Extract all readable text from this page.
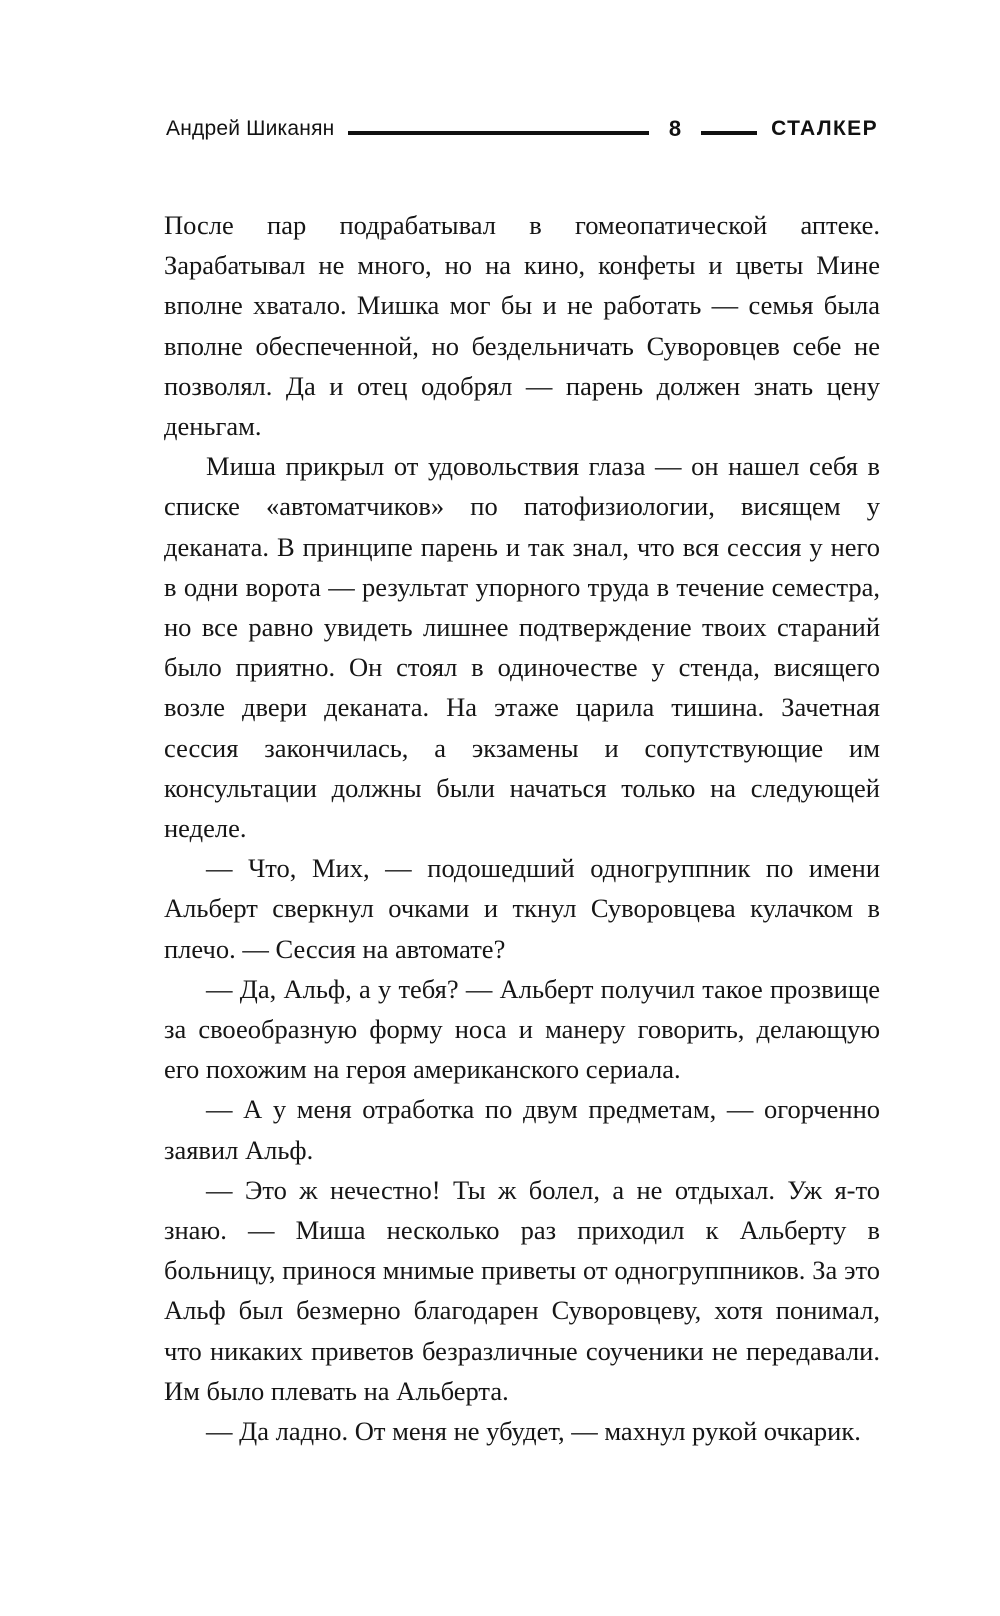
Андрей Шиканян	8	СТАЛКЕР

После пар подрабатывал в гомеопатической аптеке. Зарабатывал не много, но на кино, конфеты и цветы Мине вполне хватало. Мишка мог бы и не работать — семья была вполне обеспеченной, но бездельничать Суворовцев себе не позволял. Да и отец одобрял — парень должен знать цену деньгам.

Миша прикрыл от удовольствия глаза — он нашел себя в списке «автоматчиков» по патофизиологии, висящем у деканата. В принципе парень и так знал, что вся сессия у него в одни ворота — результат упорного труда в течение семестра, но все равно увидеть лишнее подтверждение твоих стараний было приятно. Он стоял в одиночестве у стенда, висящего возле двери деканата. На этаже царила тишина. Зачетная сессия закончилась, а экзамены и сопутствующие им консультации должны были начаться только на следующей неделе.

— Что, Мих, — подошедший одногруппник по имени Альберт сверкнул очками и ткнул Суворовцева кулачком в плечо. — Сессия на автомате?

— Да, Альф, а у тебя? — Альберт получил такое прозвище за своеобразную форму носа и манеру говорить, делающую его похожим на героя американского сериала.

— А у меня отработка по двум предметам, — огорченно заявил Альф.

— Это ж нечестно! Ты ж болел, а не отдыхал. Уж я-то знаю. — Миша несколько раз приходил к Альберту в больницу, принося мнимые приветы от одногруппников. За это Альф был безмерно благодарен Суворовцеву, хотя понимал, что никаких приветов безразличные соученики не передавали. Им было плевать на Альберта.

— Да ладно. От меня не убудет, — махнул рукой очкарик.
